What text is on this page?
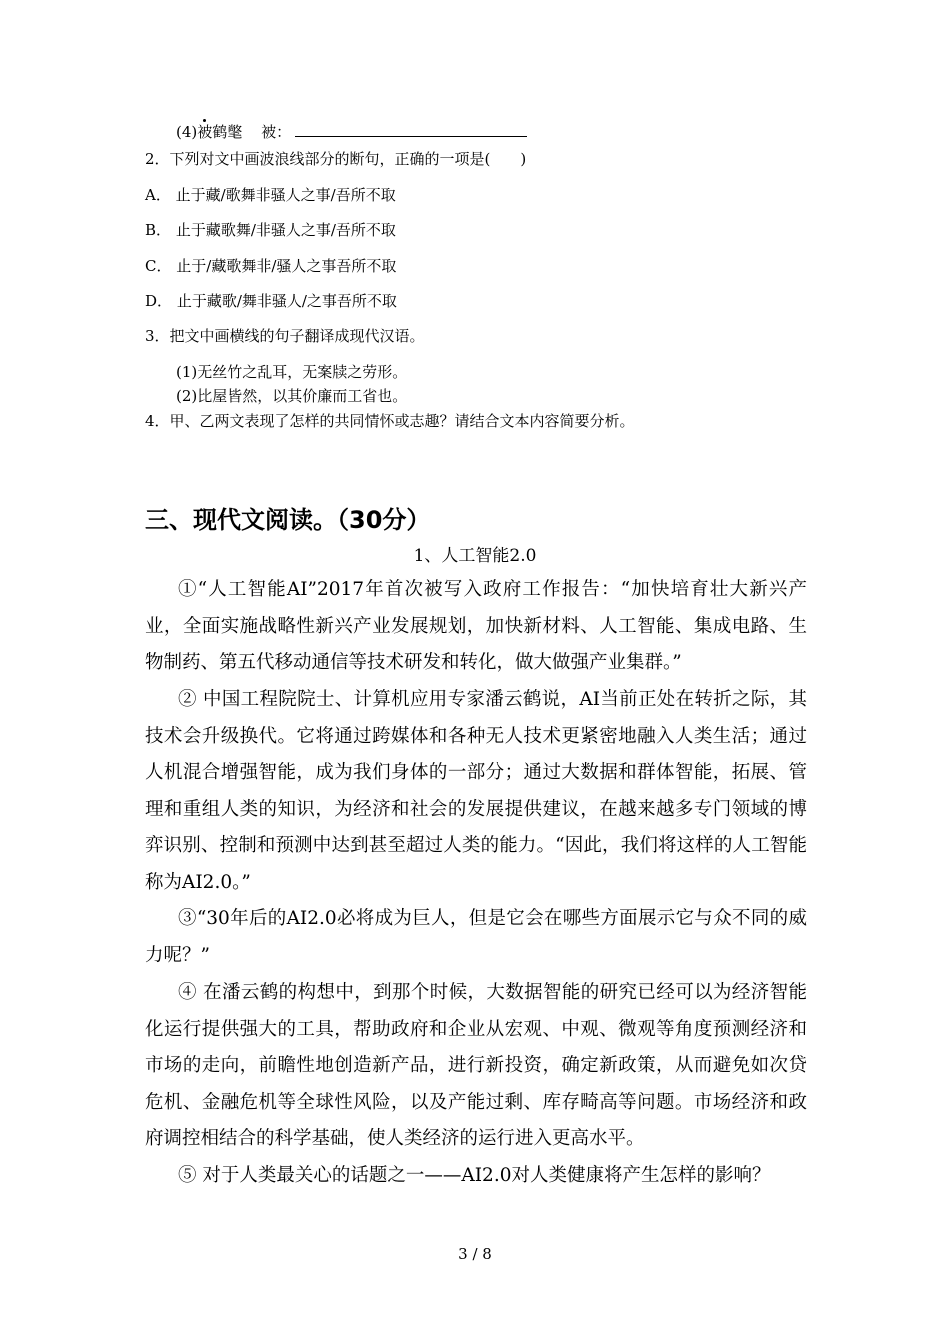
(4)被鹤氅 被：
2．下列对文中画波浪线部分的断句，正确的一项是(　　)
A． 止于藏/歌舞非骚人之事/吾所不取
B． 止于藏歌舞/非骚人之事/吾所不取
C． 止于/藏歌舞非/骚人之事吾所不取
D． 止于藏歌/舞非骚人/之事吾所不取
3．把文中画横线的句子翻译成现代汉语。
(1)无丝竹之乱耳，无案牍之劳形。
(2)比屋皆然，以其价廉而工省也。
4．甲、乙两文表现了怎样的共同情怀或志趣？请结合文本内容简要分析。
三、现代文阅读。（30分）
1、人工智能2.0
①“人工智能AI”2017年首次被写入政府工作报告：“加快培育壮大新兴产业，全面实施战略性新兴产业发展规划，加快新材料、人工智能、集成电路、生物制药、第五代移动通信等技术研发和转化，做大做强产业集群。”
② 中国工程院院士、计算机应用专家潘云鹤说，AI当前正处在转折之际，其技术会升级换代。它将通过跨媒体和各种无人技术更紧密地融入人类生活；通过人机混合增强智能，成为我们身体的一部分；通过大数据和群体智能，拓展、管理和重组人类的知识，为经济和社会的发展提供建议，在越来越多专门领域的博弈识别、控制和预测中达到甚至超过人类的能力。“因此，我们将这样的人工智能称为AI2.0。”
③“30年后的AI2.0必将成为巨人，但是它会在哪些方面展示它与众不同的威力呢？”
④ 在潘云鹤的构想中，到那个时候，大数据智能的研究已经可以为经济智能化运行提供强大的工具，帮助政府和企业从宏观、中观、微观等角度预测经济和市场的走向，前瞻性地创造新产品，进行新投资，确定新政策，从而避免如次贷危机、金融危机等全球性风险，以及产能过剩、库存畸高等问题。市场经济和政府调控相结合的科学基础，使人类经济的运行进入更高水平。
⑤ 对于人类最关心的话题之一——AI2.0对人类健康将产生怎样的影响？
3 / 8
